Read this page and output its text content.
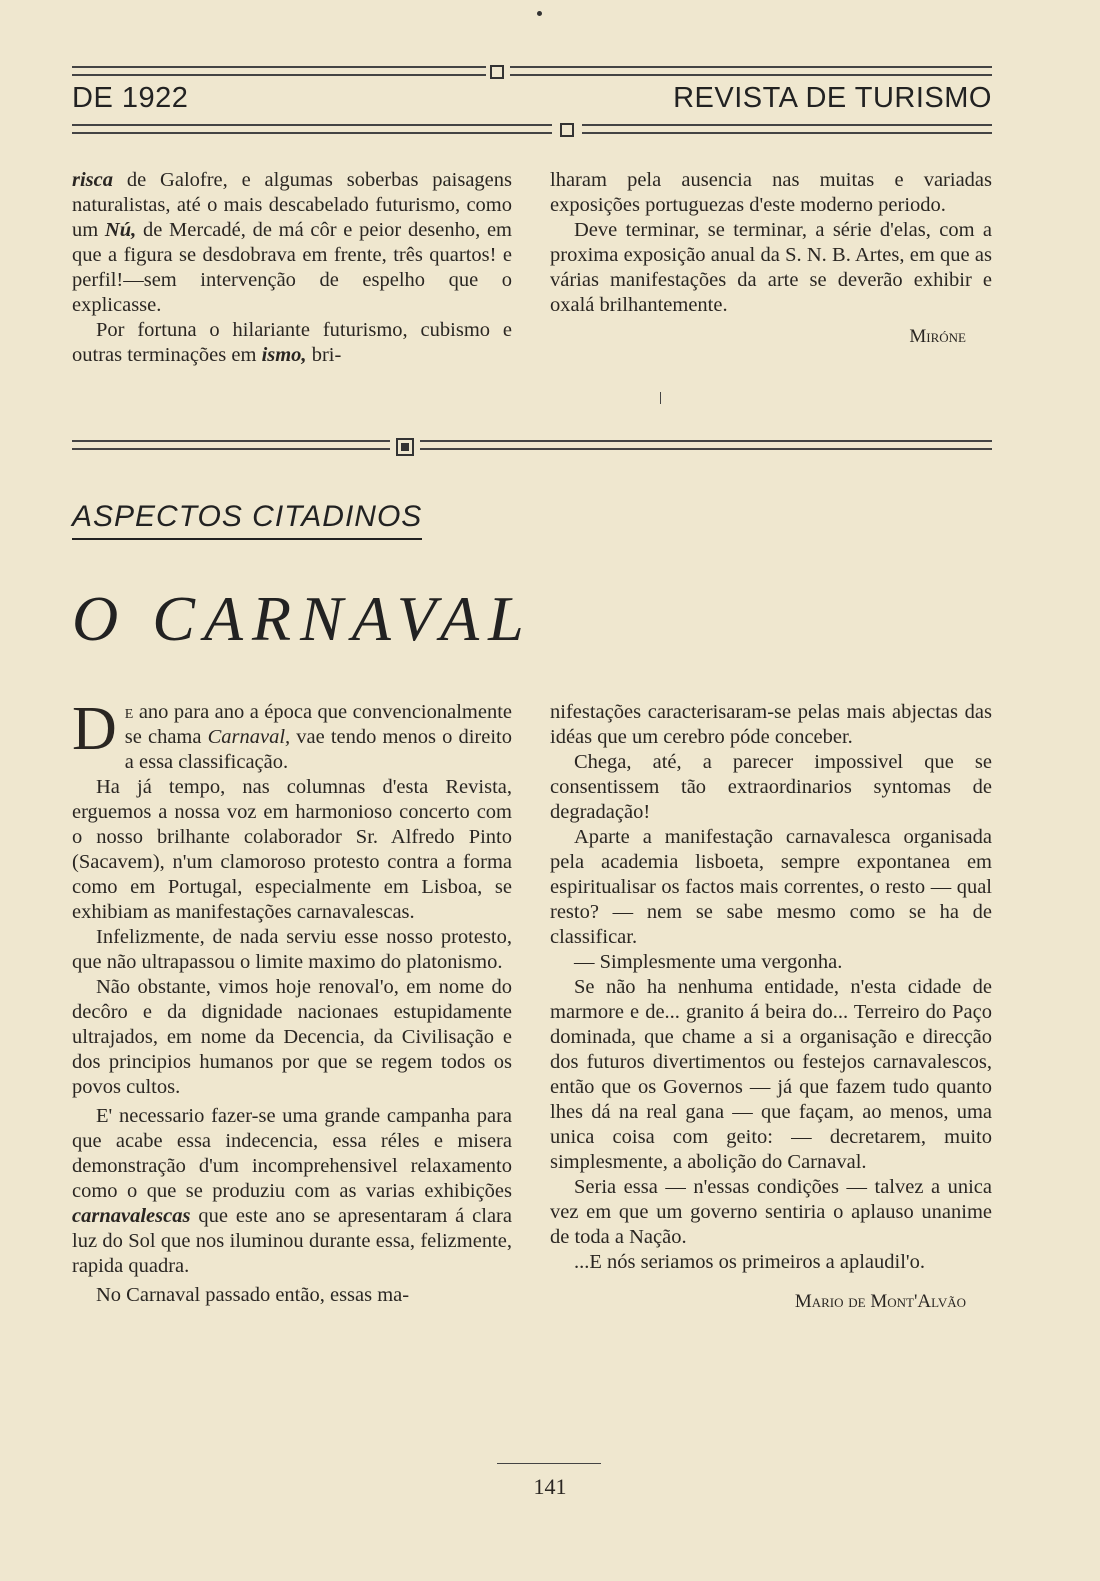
DE 1922	REVISTA DE TURISMO

risca de Galofre, e algumas soberbas paisagens naturalistas, até o mais descabelado futurismo, como um Nú, de Mercadé, de má côr e peior desenho, em que a figura se desdobrava em frente, três quartos! e perfil!—sem intervenção de espelho que o explicasse.

Por fortuna o hilariante futurismo, cubismo e outras terminações em ismo, bri-

lharam pela ausencia nas muitas e variadas exposições portuguezas d'este moderno periodo.

Deve terminar, se terminar, a série d'elas, com a proxima exposição anual da S. N. B. Artes, em que as várias manifestações da arte se deverão exhibir e oxalá brilhantemente.

Miróne
ASPECTOS CITADINOS
O CARNAVAL

De ano para ano a época que convencionalmente se chama Carnaval, vae tendo menos o direito a essa classificação.

Ha já tempo, nas columnas d'esta Revista, erguemos a nossa voz em harmonioso concerto com o nosso brilhante colaborador Sr. Alfredo Pinto (Sacavem), n'um clamoroso protesto contra a forma como em Portugal, especialmente em Lisboa, se exhibiam as manifestações carnavalescas.

Infelizmente, de nada serviu esse nosso protesto, que não ultrapassou o limite maximo do platonismo.

Não obstante, vimos hoje renoval'o, em nome do decôro e da dignidade nacionaes estupidamente ultrajados, em nome da Decencia, da Civilisação e dos principios humanos por que se regem todos os povos cultos.

E' necessario fazer-se uma grande campanha para que acabe essa indecencia, essa réles e misera demonstração d'um incomprehensivel relaxamento como o que se produziu com as varias exhibições carnavalescas que este ano se apresentaram á clara luz do Sol que nos iluminou durante essa, felizmente, rapida quadra.

No Carnaval passado então, essas ma-

nifestações caracterisaram-se pelas mais abjectas das idéas que um cerebro póde conceber.

Chega, até, a parecer impossivel que se consentissem tão extraordinarios syntomas de degradação!

Aparte a manifestação carnavalesca organisada pela academia lisboeta, sempre expontanea em espiritualisar os factos mais correntes, o resto — qual resto? — nem se sabe mesmo como se ha de classificar.

— Simplesmente uma vergonha.

Se não ha nenhuma entidade, n'esta cidade de marmore e de... granito á beira do... Terreiro do Paço dominada, que chame a si a organisação e direcção dos futuros divertimentos ou festejos carnavalescos, então que os Governos — já que fazem tudo quanto lhes dá na real gana — que façam, ao menos, uma unica coisa com geito: — decretarem, muito simplesmente, a abolição do Carnaval.

Seria essa — n'essas condições — talvez a unica vez em que um governo sentiria o aplauso unanime de toda a Nação.

...E nós seriamos os primeiros a aplaudil'o.

Mario de Mont'Alvão
141
